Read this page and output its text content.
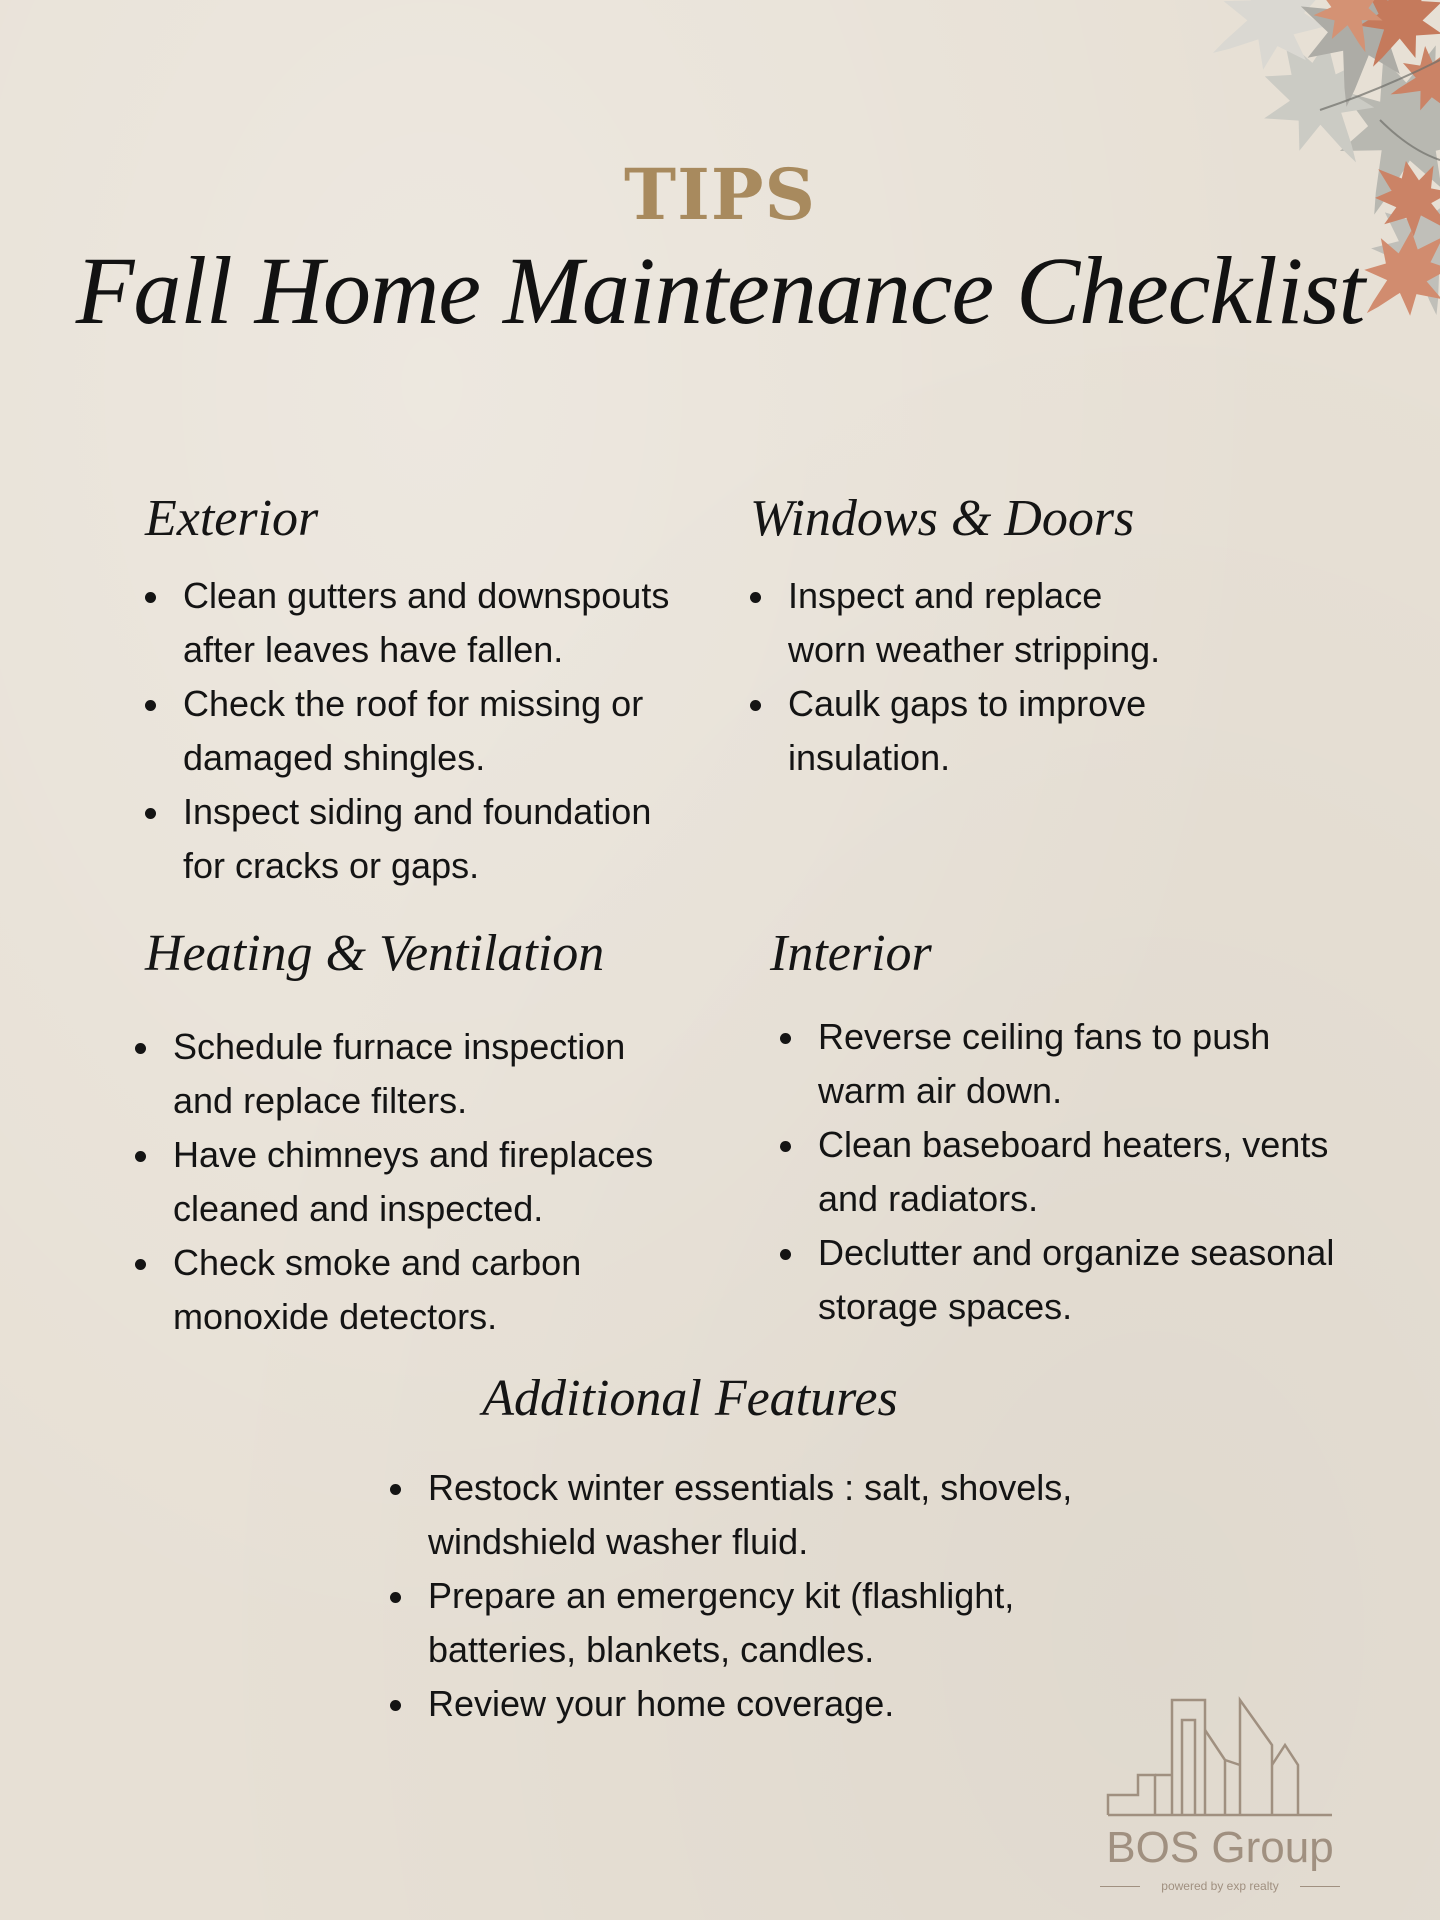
TIPS
Fall Home Maintenance Checklist
Exterior
Clean gutters and downspouts
after leaves have fallen.
Check the roof for missing or
damaged shingles.
Inspect siding and foundation
for cracks or gaps.
Windows & Doors
Inspect and replace
worn weather stripping.
Caulk gaps to improve
insulation.
Heating & Ventilation
Schedule furnace inspection
and replace filters.
Have chimneys and fireplaces
cleaned and inspected.
Check smoke and carbon
monoxide detectors.
Interior
Reverse ceiling fans to push
warm air down.
Clean baseboard heaters, vents
and radiators.
Declutter and organize seasonal
storage spaces.
Additional Features
Restock winter essentials : salt, shovels,
windshield washer fluid.
Prepare an emergency kit (flashlight,
batteries, blankets, candles.
Review your home coverage.
BOS Group
powered by exp realty
